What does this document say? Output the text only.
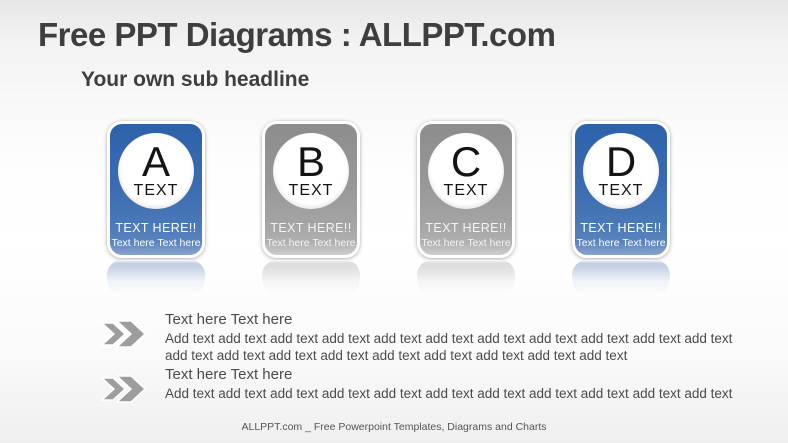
Free PPT Diagrams : ALLPPT.com
Your own sub headline
A
TEXT
TEXT HERE!!
Text here Text here
B
TEXT
TEXT HERE!!
Text here Text here
C
TEXT
TEXT HERE!!
Text here Text here
D
TEXT
TEXT HERE!!
Text here Text here
Text here Text here
Add text add text add text add text add text add text add text add text add text add text add text
add text add text add text add text add text add text add text add text add text
Text here Text here
Add text add text add text add text add text add text add text add text add text add text add text
ALLPPT.com _ Free Powerpoint Templates, Diagrams and Charts
